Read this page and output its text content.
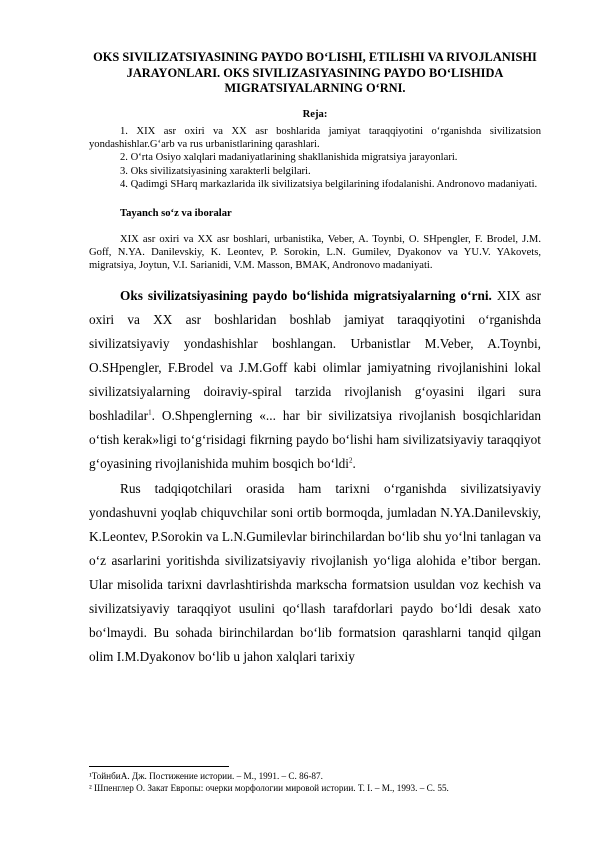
OKS SIVILIZATSIYASINING PAYDO BO‘LISHI, ETILISHI VA RIVOJLANISHI JARAYONLARI. OKS SIVILIZASIYASINING PAYDO BO‘LISHIDA MIGRATSIYALARNING O‘RNI.
Reja:

1. XIX asr oxiri va XX asr boshlarida jamiyat taraqqiyotini o‘rganishda sivilizatsion yondashishlar.G‘arb va rus urbanistlarining qarashlari.

2. O‘rta Osiyo xalqlari madaniyatlarining shakllanishida migratsiya jarayonlari.

3. Oks sivilizatsiyasining xarakterli belgilari.

4. Qadimgi SHarq markazlarida ilk sivilizatsiya belgilarining ifodalanishi. Andronovo madaniyati.

Tayanch so‘z va iboralar

XIX asr oxiri va XX asr boshlari, urbanistika, Veber, A. Toynbi, O. SHpengler, F. Brodel, J.M. Goff, N.YA. Danilevskiy, K. Leontev, P. Sorokin, L.N. Gumilev, Dyakonov va YU.V. YAkovets, migratsiya, Joytun, V.I. Sarianidi, V.M. Masson, BMAK, Andronovo madaniyati.

Oks sivilizatsiyasining paydo bo‘lishida migratsiyalarning o‘rni. XIX asr oxiri va XX asr boshlaridan boshlab jamiyat taraqqiyotini o‘rganishda sivilizatsiyaviy yondashishlar boshlangan. Urbanistlar M.Veber, A.Toynbi, O.SHpengler, F.Brodel va J.M.Goff kabi olimlar jamiyatning rivojlanishini lokal sivilizatsiyalarning doiraviy-spiral tarzida rivojlanish g‘oyasini ilgari sura boshladilar$^1$. O.Shpenglerning «... har bir sivilizatsiya rivojlanish bosqichlaridan o‘tish kerak»ligi to‘g‘risidagi fikrning paydo bo‘lishi ham sivilizatsiyaviy taraqqiyot g‘oyasining rivojlanishida muhim bosqich bo‘ldi$^2$.

Rus tadqiqotchilari orasida ham tarixni o‘rganishda sivilizatsiyaviy yondashuvni yoqlab chiquvchilar soni ortib bormoqda, jumladan N.YA.Danilevskiy, K.Leontev, P.Sorokin va L.N.Gumilevlar birinchilardan bo‘lib shu yo‘lni tanlagan va o‘z asarlarini yoritishda sivilizatsiyaviy rivojlanish yo‘liga alohida e’tibor bergan. Ular misolida tarixni davrlashtirishda markscha formatsion usuldan voz kechish va sivilizatsiyaviy taraqqiyot usulini qo‘llash tarafdorlari paydo bo‘ldi desak xato bo‘lmaydi. Bu sohada birinchilardan bo‘lib formatsion qarashlarni tanqid qilgan olim I.M.Dyakonov bo‘lib u jahon xalqlari tarixiy

¹ТойнбиА. Дж. Постижение истории. – М., 1991. – С. 86-87.
² Шпенглер О. Закат Европы: очерки морфологии мировой истории. Т. I. – М., 1993. – С. 55.
